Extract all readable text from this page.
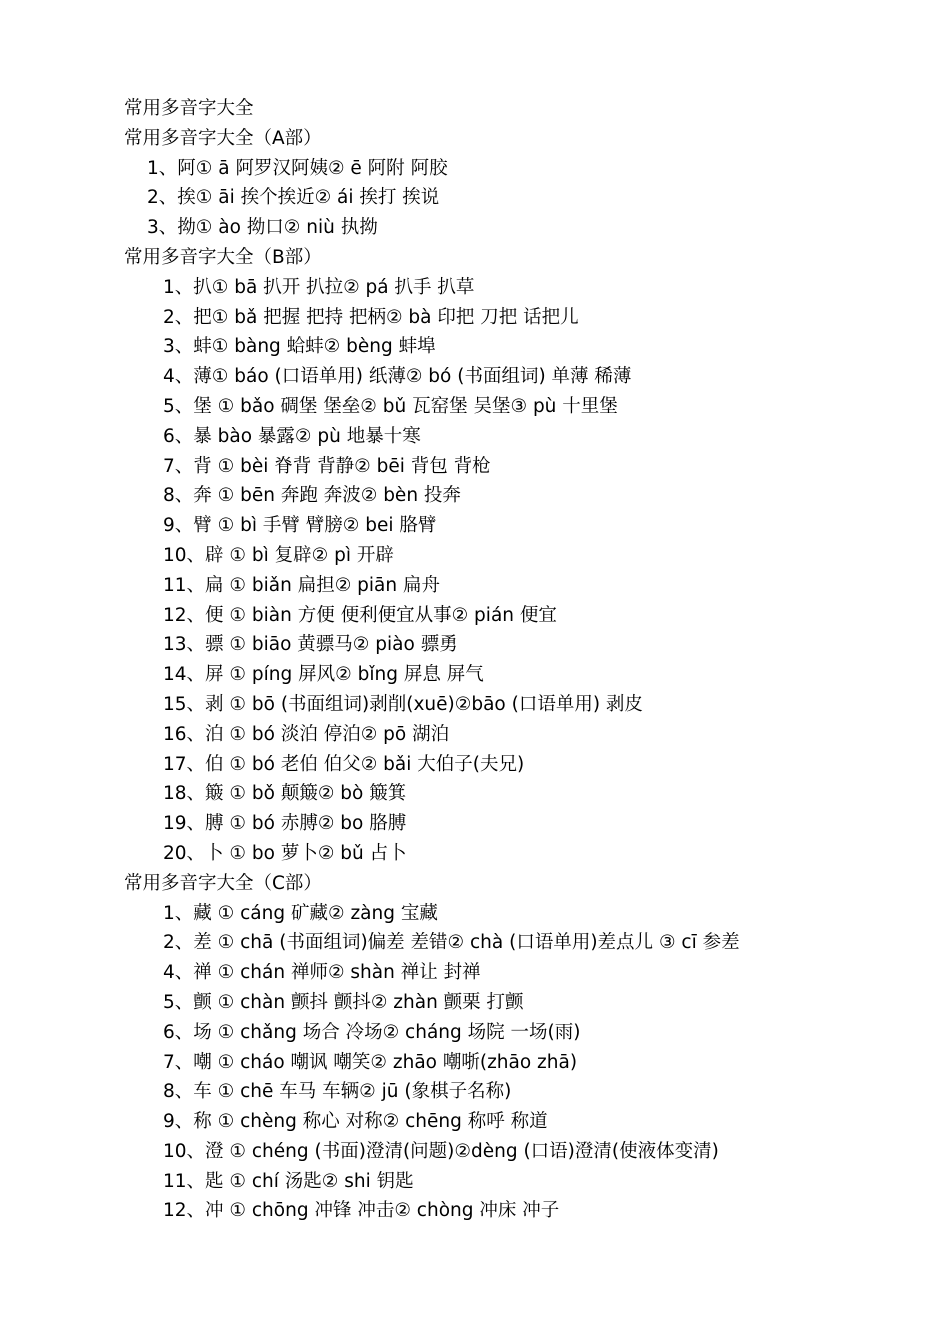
常用多音字大全
常用多音字大全（A部）
1、阿① ā 阿罗汉阿姨② ē 阿附 阿胶
2、挨① āi 挨个挨近② ái 挨打 挨说
3、拗① ào 拗口② niù 执拗
常用多音字大全（B部）
1、扒① bā 扒开 扒拉② pá 扒手 扒草
2、把① bǎ 把握 把持 把柄② bà 印把 刀把 话把儿
3、蚌① bàng 蛤蚌② bèng 蚌埠
4、薄① báo (口语单用) 纸薄② bó (书面组词) 单薄 稀薄
5、堡 ① bǎo 碉堡 堡垒② bǔ 瓦窑堡 吴堡③ pù 十里堡
6、暴 bào 暴露② pù 地暴十寒
7、背 ① bèi 脊背 背静② bēi 背包 背枪
8、奔 ① bēn 奔跑 奔波② bèn 投奔
9、臂 ① bì 手臂 臂膀② bei 胳臂
10、辟 ① bì 复辟② pì 开辟
11、扁 ① biǎn 扁担② piān 扁舟
12、便 ① biàn 方便 便利便宜从事② pián 便宜
13、骠 ① biāo 黄骠马② piào 骠勇
14、屏 ① píng 屏风② bǐng 屏息 屏气
15、剥 ① bō (书面组词)剥削(xuē)②bāo (口语单用) 剥皮
16、泊 ① bó 淡泊 停泊② pō 湖泊
17、伯 ① bó 老伯 伯父② bǎi 大伯子(夫兄)
18、簸 ① bǒ 颠簸② bò 簸箕
19、膊 ① bó 赤膊② bo 胳膊
20、卜 ① bo 萝卜② bǔ 占卜
常用多音字大全（C部）
1、藏 ① cáng 矿藏② zàng 宝藏
2、差 ① chā (书面组词)偏差 差错② chà (口语单用)差点儿 ③ cī 参差
4、禅 ① chán 禅师② shàn 禅让 封禅
5、颤 ① chàn 颤抖 颤抖② zhàn 颤栗 打颤
6、场 ① chǎng 场合 冷场② cháng 场院 一场(雨)
7、嘲 ① cháo 嘲讽 嘲笑② zhāo 嘲哳(zhāo zhā)
8、车 ① chē 车马 车辆② jū (象棋子名称)
9、称 ① chèng 称心 对称② chēng 称呼 称道
10、澄 ① chéng (书面)澄清(问题)②dèng (口语)澄清(使液体变清)
11、匙 ① chí 汤匙② shi 钥匙
12、冲 ① chōng 冲锋 冲击② chòng 冲床 冲子
